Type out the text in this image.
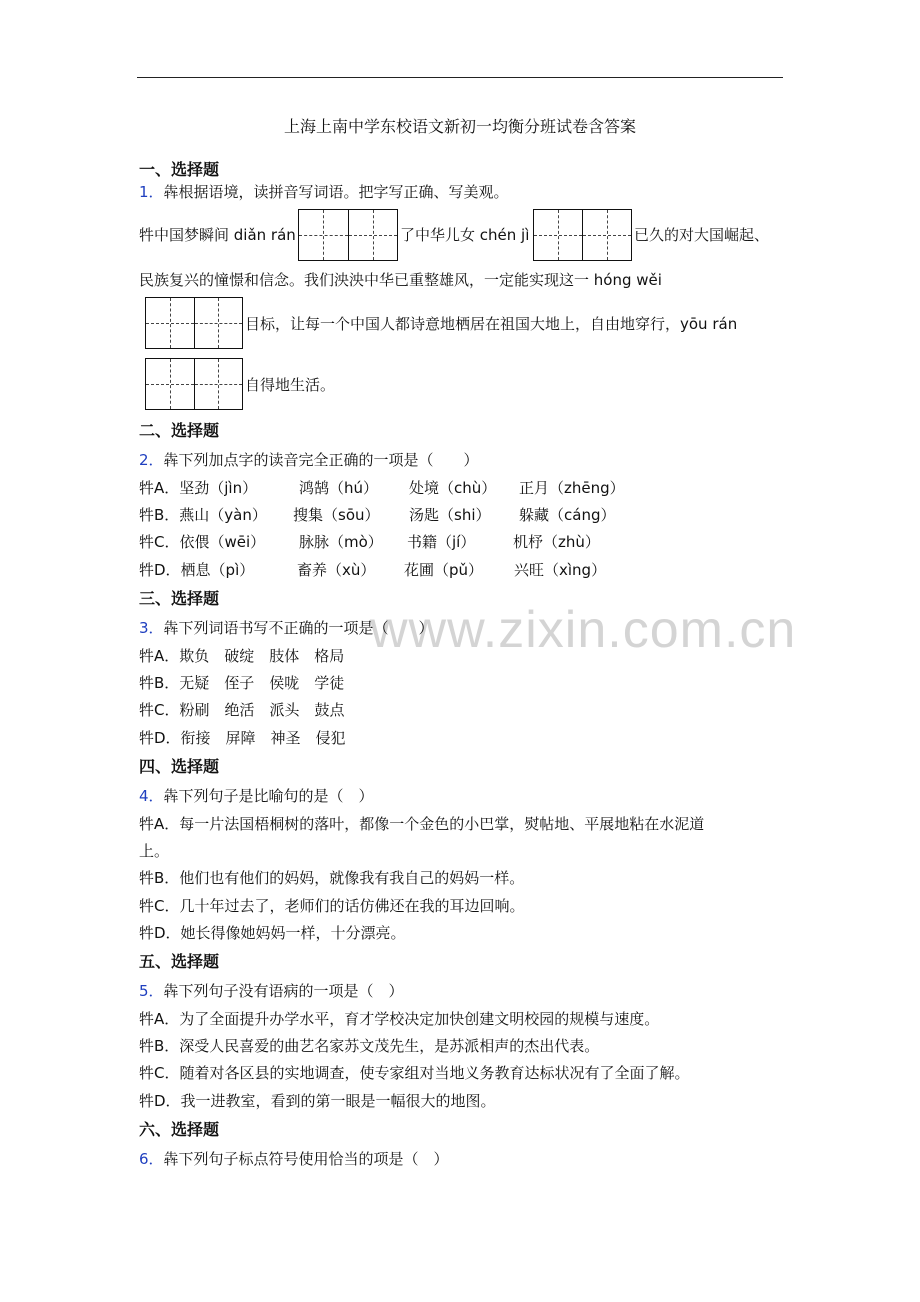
上海上南中学东校语文新初一均衡分班试卷含答案
www.zixin.com.cn
一、选择题
1．犇根据语境，读拼音写词语。把字写正确、写美观。
牪中国梦瞬间 diǎn rán	了中华儿女 chén jì	已久的对大国崛起、
民族复兴的憧憬和信念。我们泱泱中华已重整雄风，一定能实现这一 hóng wěi
目标，让每一个中国人都诗意地栖居在祖国大地上，自由地穿行，yōu rán
自得地生活。
二、选择题
2．犇下列加点字的读音完全正确的一项是（　　）
牪A．坚劲（jìn）	鸿鹄（hú） 处境（chù） 正月（zhēng）
牪B．燕山（yàn） 搜集（sōu） 汤匙（shi） 躲藏（cáng）
牪C．依偎（wēi） 脉脉（mò） 书籍（jí）	机杼（zhù）
牪D．栖息（pì）	畜养（xù） 花圃（pǔ） 兴旺（xìng）
三、选择题
3．犇下列词语书写不正确的一项是（　　）
牪A．欺负　破绽　肢体　格局
牪B．无疑　侄子　侯咙　学徒
牪C．粉刷　绝活　派头　鼓点
牪D．衔接　屏障　神圣　侵犯
四、选择题
4．犇下列句子是比喻句的是（　）
牪A．每一片法国梧桐树的落叶，都像一个金色的小巴掌，熨帖地、平展地粘在水泥道
上。
牪B．他们也有他们的妈妈，就像我有我自己的妈妈一样。
牪C．几十年过去了，老师们的话仿佛还在我的耳边回响。
牪D．她长得像她妈妈一样，十分漂亮。
五、选择题
5．犇下列句子没有语病的一项是（　）
牪A．为了全面提升办学水平，育才学校决定加快创建文明校园的规模与速度。
牪B．深受人民喜爱的曲艺名家苏文茂先生，是苏派相声的杰出代表。
牪C．随着对各区县的实地调查，使专家组对当地义务教育达标状况有了全面了解。
牪D．我一进教室，看到的第一眼是一幅很大的地图。
六、选择题
6．犇下列句子标点符号使用恰当的项是（　）
